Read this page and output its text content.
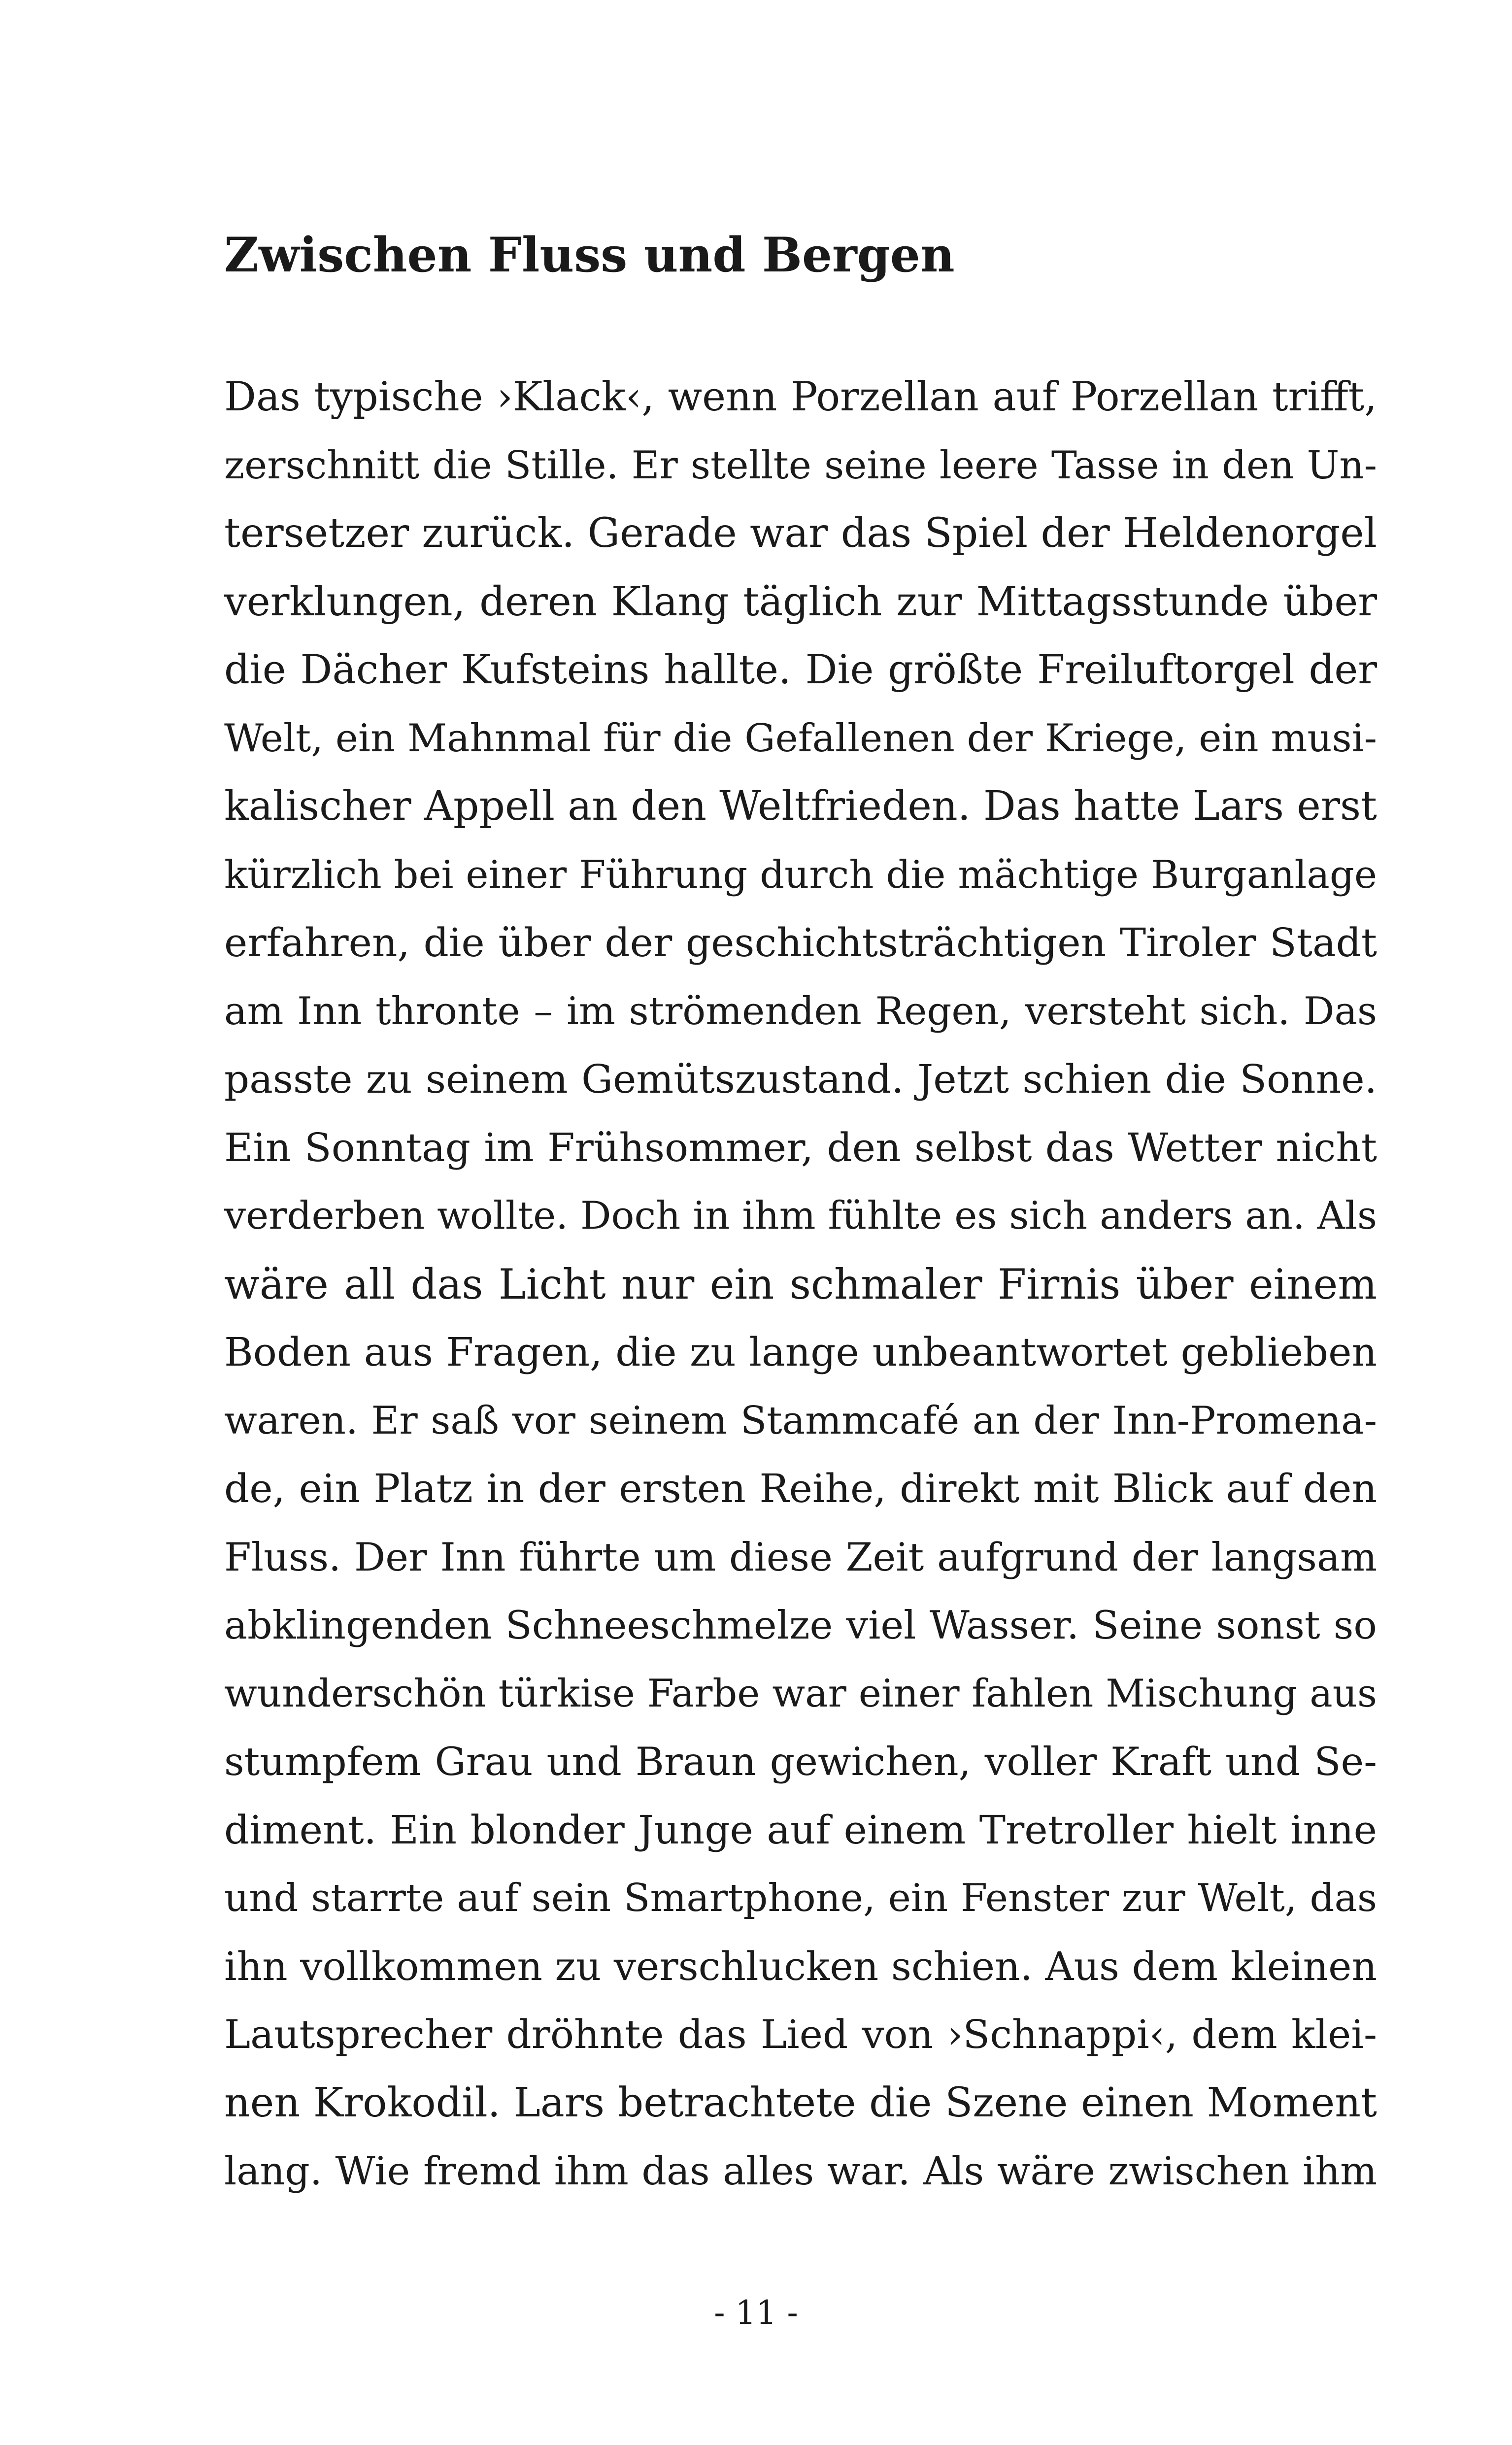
Zwischen Fluss und Bergen
Das typische ›Klack‹, wenn Porzellan auf Porzellan trifft,
zerschnitt die Stille. Er stellte seine leere Tasse in den Un-
tersetzer zurück. Gerade war das Spiel der Heldenorgel
verklungen, deren Klang täglich zur Mittagsstunde über
die Dächer Kufsteins hallte. Die größte Freiluftorgel der
Welt, ein Mahnmal für die Gefallenen der Kriege, ein musi-
kalischer Appell an den Weltfrieden. Das hatte Lars erst
kürzlich bei einer Führung durch die mächtige Burganlage
erfahren, die über der geschichtsträchtigen Tiroler Stadt
am Inn thronte – im strömenden Regen, versteht sich. Das
passte zu seinem Gemütszustand. Jetzt schien die Sonne.
Ein Sonntag im Frühsommer, den selbst das Wetter nicht
verderben wollte. Doch in ihm fühlte es sich anders an. Als
wäre all das Licht nur ein schmaler Firnis über einem
Boden aus Fragen, die zu lange unbeantwortet geblieben
waren. Er saß vor seinem Stammcafé an der Inn-Promena-
de, ein Platz in der ersten Reihe, direkt mit Blick auf den
Fluss. Der Inn führte um diese Zeit aufgrund der langsam
abklingenden Schneeschmelze viel Wasser. Seine sonst so
wunderschön türkise Farbe war einer fahlen Mischung aus
stumpfem Grau und Braun gewichen, voller Kraft und Se-
diment. Ein blonder Junge auf einem Tretroller hielt inne
und starrte auf sein Smartphone, ein Fenster zur Welt, das
ihn vollkommen zu verschlucken schien. Aus dem kleinen
Lautsprecher dröhnte das Lied von ›Schnappi‹, dem klei-
nen Krokodil. Lars betrachtete die Szene einen Moment
lang. Wie fremd ihm das alles war. Als wäre zwischen ihm
- 11 -
